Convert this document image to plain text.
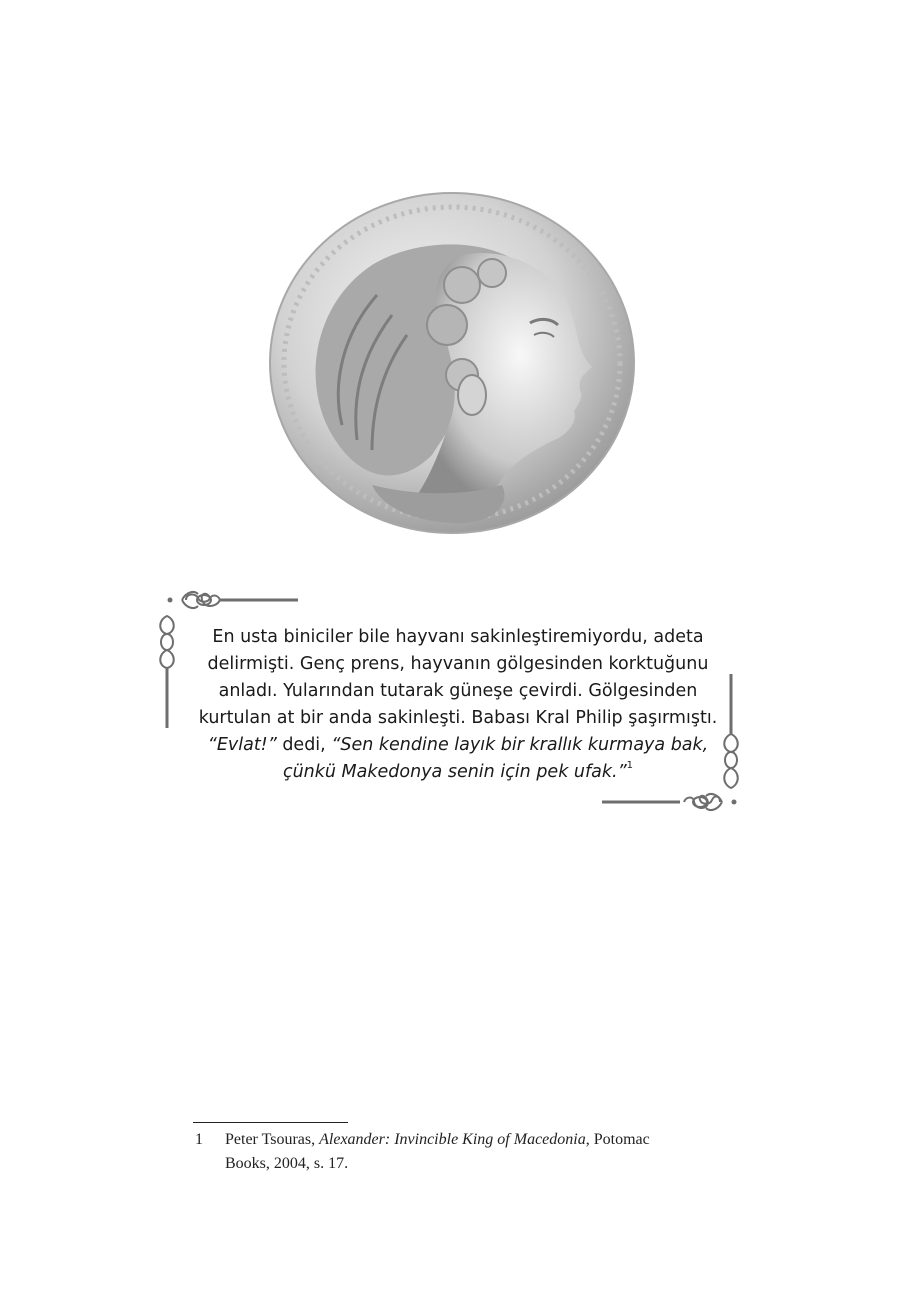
En usta biniciler bile hayvanı sakinleştiremiyordu, adeta
delirmişti. Genç prens, hayvanın gölgesinden korktuğunu
anladı. Yularından tutarak güneşe çevirdi. Gölgesinden
kurtulan at bir anda sakinleşti. Babası Kral Philip şaşırmıştı.
“Evlat!” dedi, “Sen kendine layık bir krallık kurmaya bak,
çünkü Makedonya senin için pek ufak.”$^1$
1 Peter Tsouras, Alexander: Invincible King of Macedonia, Potomac
Books, 2004, s. 17.
